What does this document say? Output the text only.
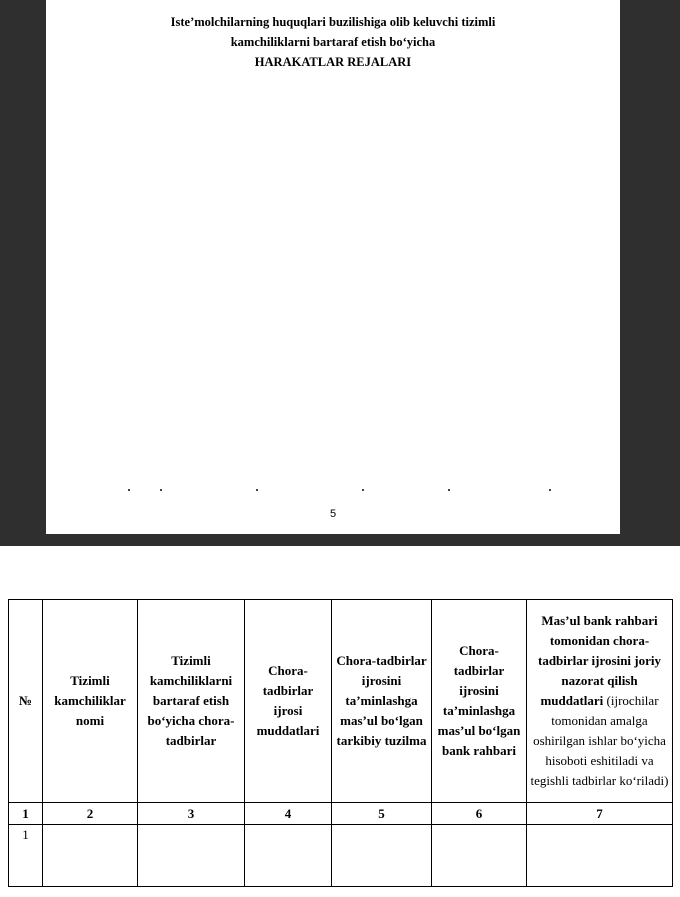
Isteʼmolchilarning huquqlari buzilishiga olib keluvchi tizimli
kamchiliklarni bartaraf etish boʻyicha
HARAKATLAR REJALARI
5
№	Tizimli kamchiliklar nomi	Tizimli kamchiliklarni bartaraf etish boʻyicha chora-tadbirlar	Chora-tadbirlar ijrosi muddatlari	Chora-tadbirlar ijrosini taʼminlashga masʼul boʻlgan tarkibiy tuzilma	Chora-tadbirlar ijrosini taʼminlashga masʼul boʻlgan bank rahbari	Masʼul bank rahbari tomonidan chora-tadbirlar ijrosini joriy nazorat qilish muddatlari (ijrochilar tomonidan amalga oshirilgan ishlar boʻyicha hisoboti eshitiladi va tegishli tadbirlar koʻriladi)
1	2	3	4	5	6	7
1						
